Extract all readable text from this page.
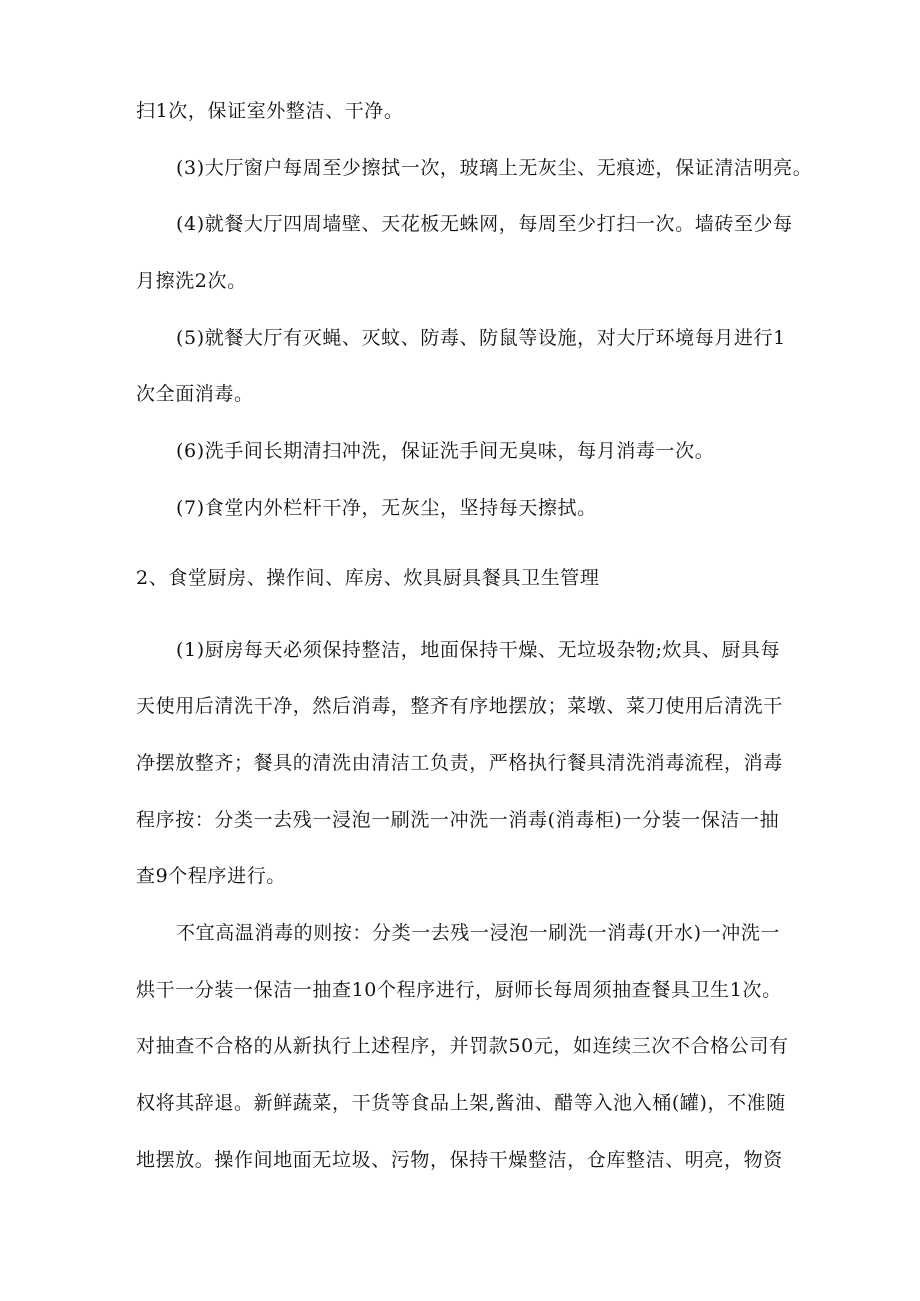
扫1次，保证室外整洁、干净。
(3)大厅窗户每周至少擦拭一次，玻璃上无灰尘、无痕迹，保证清洁明亮。
(4)就餐大厅四周墙壁、天花板无蛛网，每周至少打扫一次。墙砖至少每
月擦洗2次。
(5)就餐大厅有灭蝇、灭蚊、防毒、防鼠等设施，对大厅环境每月进行1
次全面消毒。
(6)洗手间长期清扫冲洗，保证洗手间无臭味，每月消毒一次。
(7)食堂内外栏杆干净，无灰尘，坚持每天擦拭。
2、食堂厨房、操作间、库房、炊具厨具餐具卫生管理
(1)厨房每天必须保持整洁，地面保持干燥、无垃圾杂物;炊具、厨具每
天使用后清洗干净，然后消毒，整齐有序地摆放；菜墩、菜刀使用后清洗干
净摆放整齐；餐具的清洗由清洁工负责，严格执行餐具清洗消毒流程，消毒
程序按：分类一去残一浸泡一刷洗一冲洗一消毒(消毒柜)一分装一保洁一抽
查9个程序进行。
不宜高温消毒的则按：分类一去残一浸泡一刷洗一消毒(开水)一冲洗一
烘干一分装一保洁一抽查10个程序进行，厨师长每周须抽查餐具卫生1次。
对抽查不合格的从新执行上述程序，并罚款50元，如连续三次不合格公司有
权将其辞退。新鲜蔬菜，干货等食品上架,酱油、醋等入池入桶(罐)，不准随
地摆放。操作间地面无垃圾、污物，保持干燥整洁，仓库整洁、明亮，物资
